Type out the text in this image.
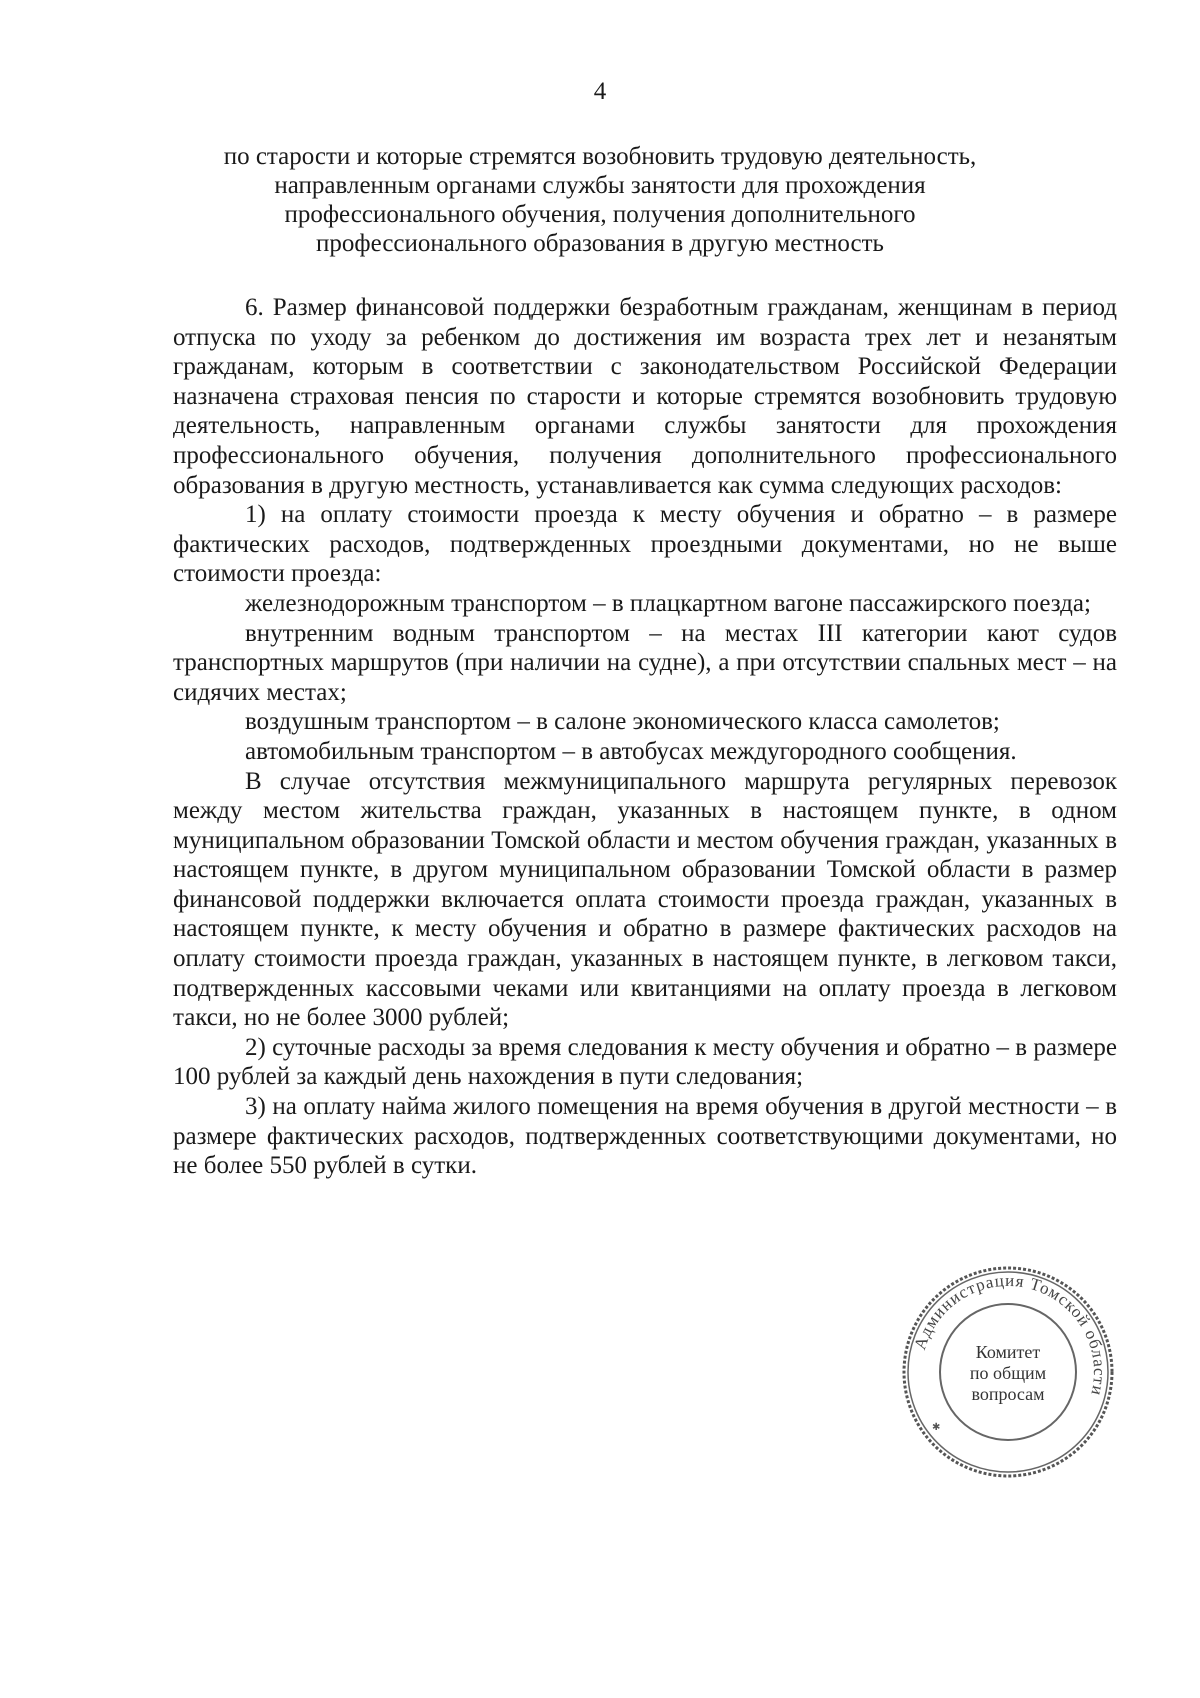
4
по старости и которые стремятся возобновить трудовую деятельность,
направленным органами службы занятости для прохождения
профессионального обучения, получения дополнительного
профессионального образования в другую местность

6. Размер финансовой поддержки безработным гражданам, женщинам в период отпуска по уходу за ребенком до достижения им возраста трех лет и незанятым гражданам, которым в соответствии с законодательством Российской Федерации назначена страховая пенсия по старости и которые стремятся возобновить трудовую деятельность, направленным органами службы занятости для прохождения профессионального обучения, получения дополнительного профессионального образования в другую местность, устанавливается как сумма следующих расходов:

1) на оплату стоимости проезда к месту обучения и обратно – в размере фактических расходов, подтвержденных проездными документами, но не выше стоимости проезда:

железнодорожным транспортом – в плацкартном вагоне пассажирского поезда;

внутренним водным транспортом – на местах III категории кают судов транспортных маршрутов (при наличии на судне), а при отсутствии спальных мест – на сидячих местах;

воздушным транспортом – в салоне экономического класса самолетов;

автомобильным транспортом – в автобусах междугородного сообщения.

В случае отсутствия межмуниципального маршрута регулярных перевозок между местом жительства граждан, указанных в настоящем пункте, в одном муниципальном образовании Томской области и местом обучения граждан, указанных в настоящем пункте, в другом муниципальном образовании Томской области в размер финансовой поддержки включается оплата стоимости проезда граждан, указанных в настоящем пункте, к месту обучения и обратно в размере фактических расходов на оплату стоимости проезда граждан, указанных в настоящем пункте, в легковом такси, подтвержденных кассовыми чеками или квитанциями на оплату проезда в легковом такси, но не более 3000 рублей;

2) суточные расходы за время следования к месту обучения и обратно – в размере 100 рублей за каждый день нахождения в пути следования;

3) на оплату найма жилого помещения на время обучения в другой местности – в размере фактических расходов, подтвержденных соответствующими документами, но не более 550 рублей в сутки.

Администрация Томской области
Комитет
по общим
вопросам
✱
